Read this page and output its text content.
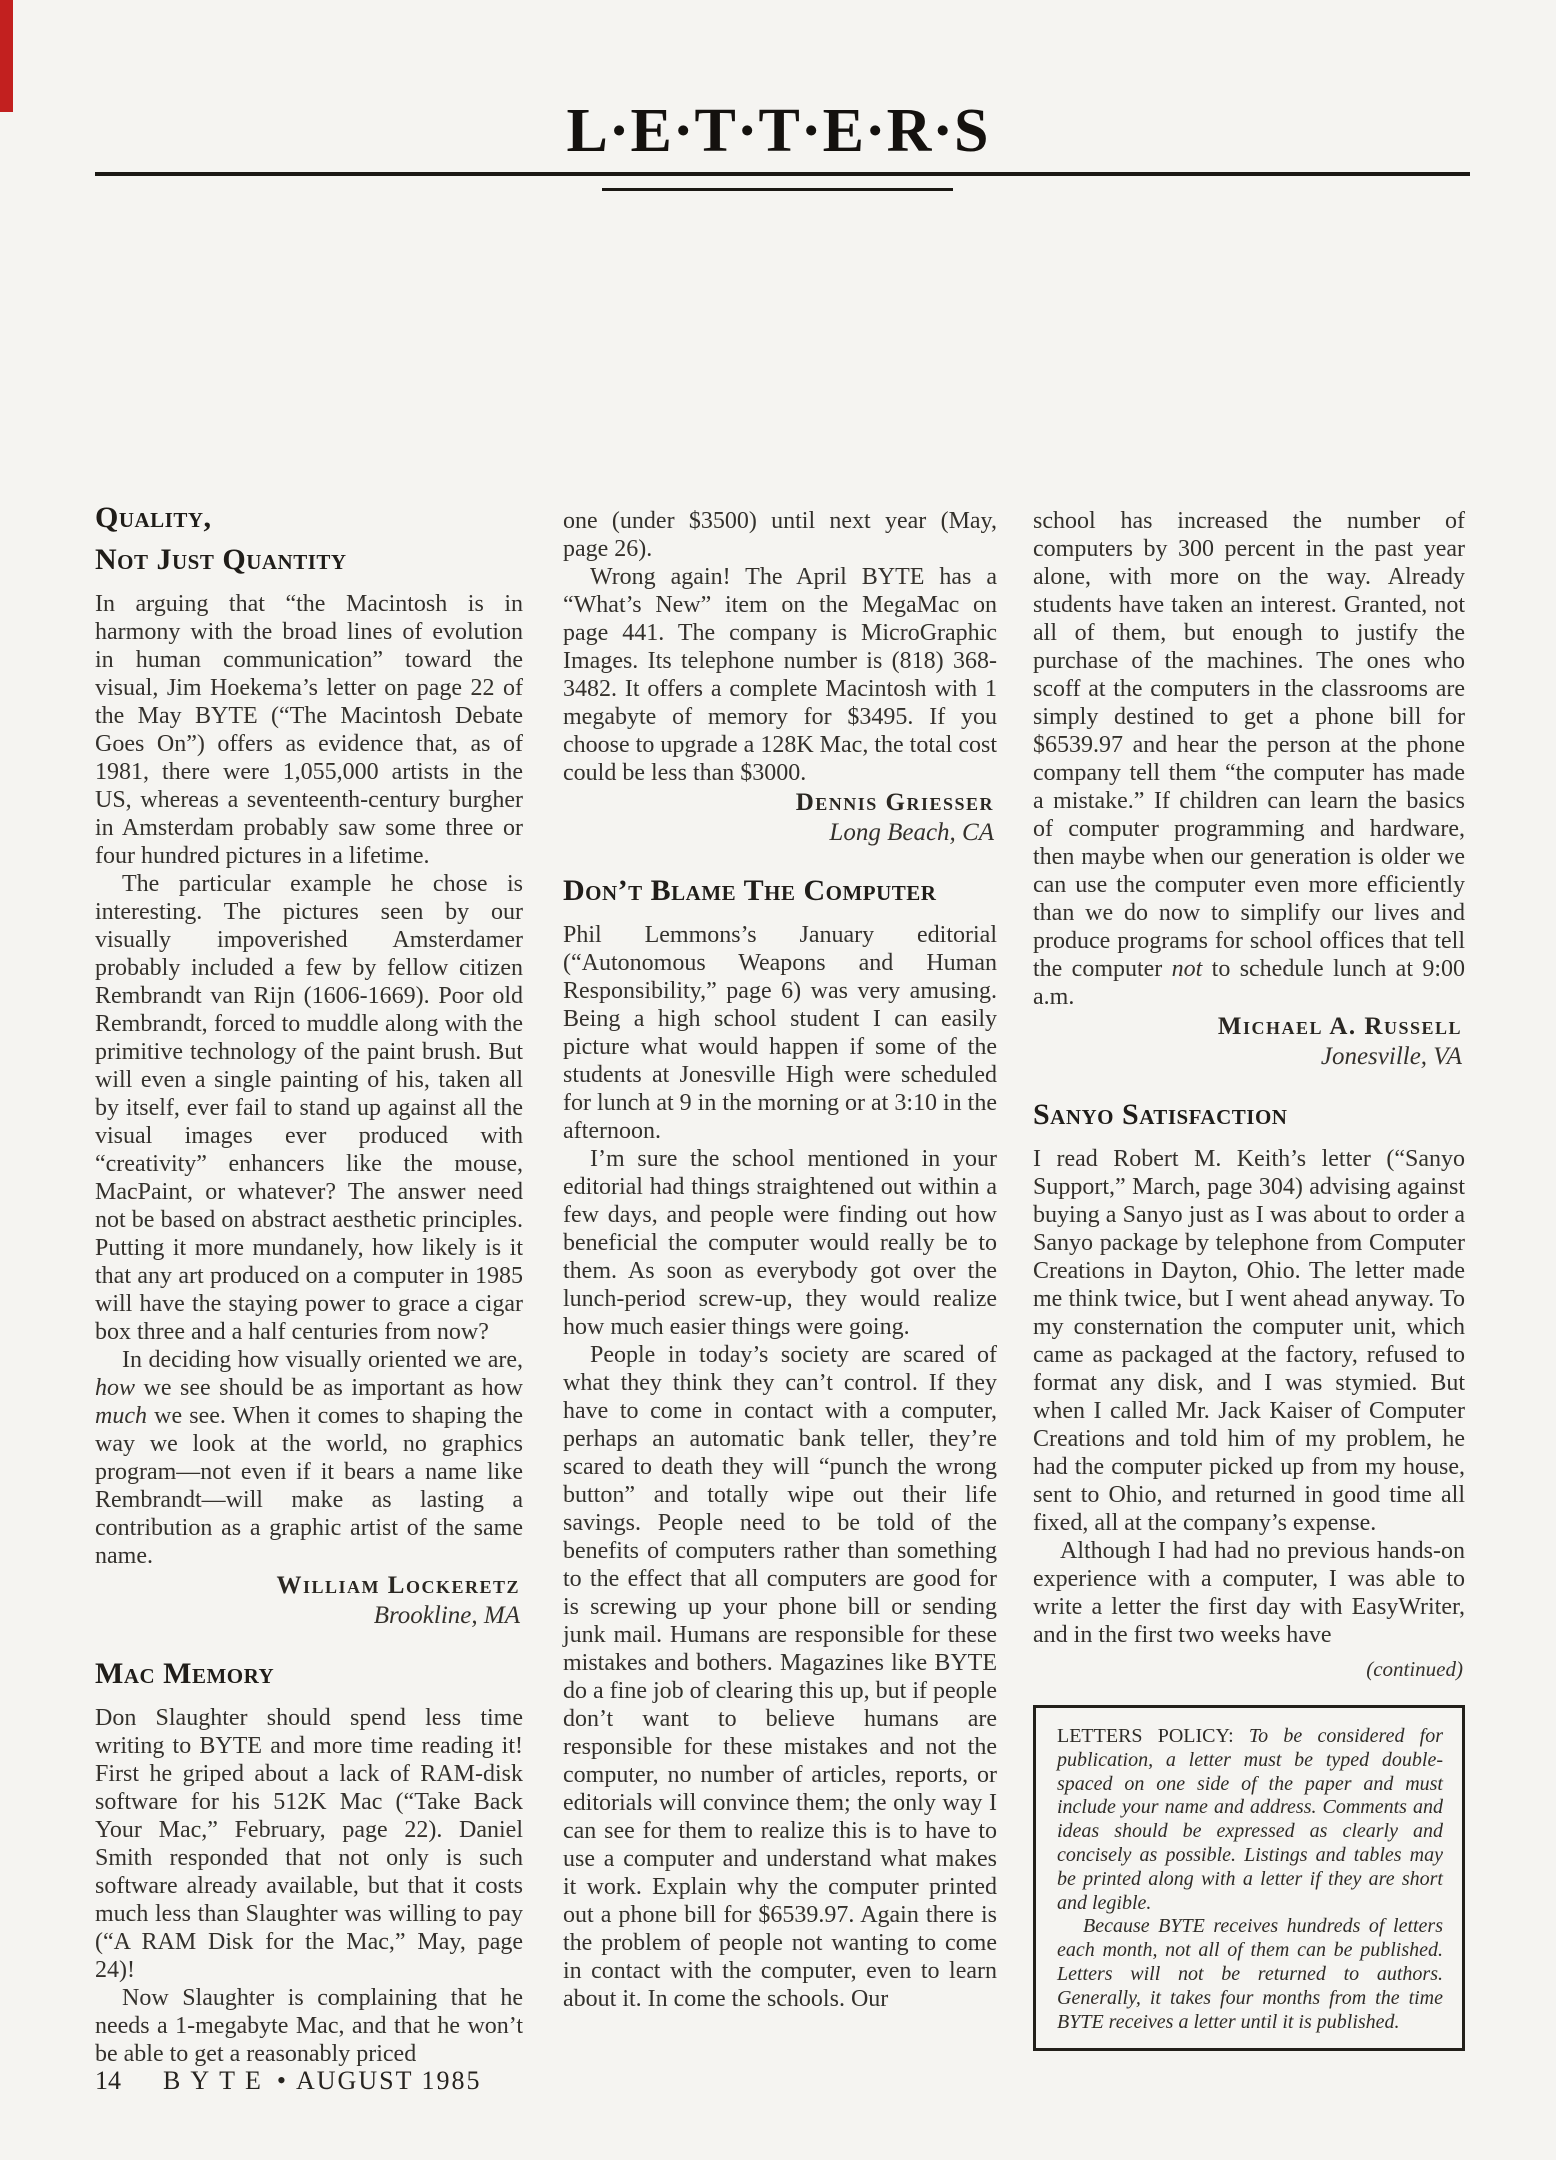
L·E·T·T·E·R·S
Quality,
Not Just Quantity

In arguing that “the Macintosh is in harmony with the broad lines of evolution in human communication” toward the visual, Jim Hoekema’s letter on page 22 of the May BYTE (“The Macintosh Debate Goes On”) offers as evidence that, as of 1981, there were 1,055,000 artists in the US, whereas a seventeenth-century burgher in Amsterdam probably saw some three or four hundred pictures in a lifetime.

The particular example he chose is interesting. The pictures seen by our visually impoverished Amsterdamer probably included a few by fellow citizen Rembrandt van Rijn (1606-1669). Poor old Rembrandt, forced to muddle along with the primitive technology of the paint brush. But will even a single painting of his, taken all by itself, ever fail to stand up against all the visual images ever produced with “creativity” enhancers like the mouse, MacPaint, or whatever? The answer need not be based on abstract aesthetic principles. Putting it more mundanely, how likely is it that any art produced on a computer in 1985 will have the staying power to grace a cigar box three and a half centuries from now?

In deciding how visually oriented we are, how we see should be as important as how much we see. When it comes to shaping the way we look at the world, no graphics program—not even if it bears a name like Rembrandt—will make as lasting a contribution as a graphic artist of the same name.

William Lockeretz
Brookline, MA
Mac Memory

Don Slaughter should spend less time writing to BYTE and more time reading it! First he griped about a lack of RAM-disk software for his 512K Mac (“Take Back Your Mac,” February, page 22). Daniel Smith responded that not only is such software already available, but that it costs much less than Slaughter was willing to pay (“A RAM Disk for the Mac,” May, page 24)!

Now Slaughter is complaining that he needs a 1-megabyte Mac, and that he won’t be able to get a reasonably priced

one (under $3500) until next year (May, page 26).

Wrong again! The April BYTE has a “What’s New” item on the MegaMac on page 441. The company is MicroGraphic Images. Its telephone number is (818) 368-3482. It offers a complete Macintosh with 1 megabyte of memory for $3495. If you choose to upgrade a 128K Mac, the total cost could be less than $3000.

Dennis Griesser
Long Beach, CA
Don’t Blame The Computer

Phil Lemmons’s January editorial (“Autonomous Weapons and Human Responsibility,” page 6) was very amusing. Being a high school student I can easily picture what would happen if some of the students at Jonesville High were scheduled for lunch at 9 in the morning or at 3:10 in the afternoon.

I’m sure the school mentioned in your editorial had things straightened out within a few days, and people were finding out how beneficial the computer would really be to them. As soon as everybody got over the lunch-period screw-up, they would realize how much easier things were going.

People in today’s society are scared of what they think they can’t control. If they have to come in contact with a computer, perhaps an automatic bank teller, they’re scared to death they will “punch the wrong button” and totally wipe out their life savings. People need to be told of the benefits of computers rather than something to the effect that all computers are good for is screwing up your phone bill or sending junk mail. Humans are responsible for these mistakes and bothers. Magazines like BYTE do a fine job of clearing this up, but if people don’t want to believe humans are responsible for these mistakes and not the computer, no number of articles, reports, or editorials will convince them; the only way I can see for them to realize this is to have to use a computer and understand what makes it work. Explain why the computer printed out a phone bill for $6539.97. Again there is the problem of people not wanting to come in contact with the computer, even to learn about it. In come the schools. Our

school has increased the number of computers by 300 percent in the past year alone, with more on the way. Already students have taken an interest. Granted, not all of them, but enough to justify the purchase of the machines. The ones who scoff at the computers in the classrooms are simply destined to get a phone bill for $6539.97 and hear the person at the phone company tell them “the computer has made a mistake.” If children can learn the basics of computer programming and hardware, then maybe when our generation is older we can use the computer even more efficiently than we do now to simplify our lives and produce programs for school offices that tell the computer not to schedule lunch at 9:00 a.m.

Michael A. Russell
Jonesville, VA
Sanyo Satisfaction

I read Robert M. Keith’s letter (“Sanyo Support,” March, page 304) advising against buying a Sanyo just as I was about to order a Sanyo package by telephone from Computer Creations in Dayton, Ohio. The letter made me think twice, but I went ahead anyway. To my consternation the computer unit, which came as packaged at the factory, refused to format any disk, and I was stymied. But when I called Mr. Jack Kaiser of Computer Creations and told him of my problem, he had the computer picked up from my house, sent to Ohio, and returned in good time all fixed, all at the company’s expense.

Although I had had no previous hands-on experience with a computer, I was able to write a letter the first day with EasyWriter, and in the first two weeks have

(continued)

LETTERS POLICY: To be considered for publication, a letter must be typed double-spaced on one side of the paper and must include your name and address. Comments and ideas should be expressed as clearly and concisely as possible. Listings and tables may be printed along with a letter if they are short and legible.

Because BYTE receives hundreds of letters each month, not all of them can be published. Letters will not be returned to authors. Generally, it takes four months from the time BYTE receives a letter until it is published.

14 BYTE • AUGUST 1985
